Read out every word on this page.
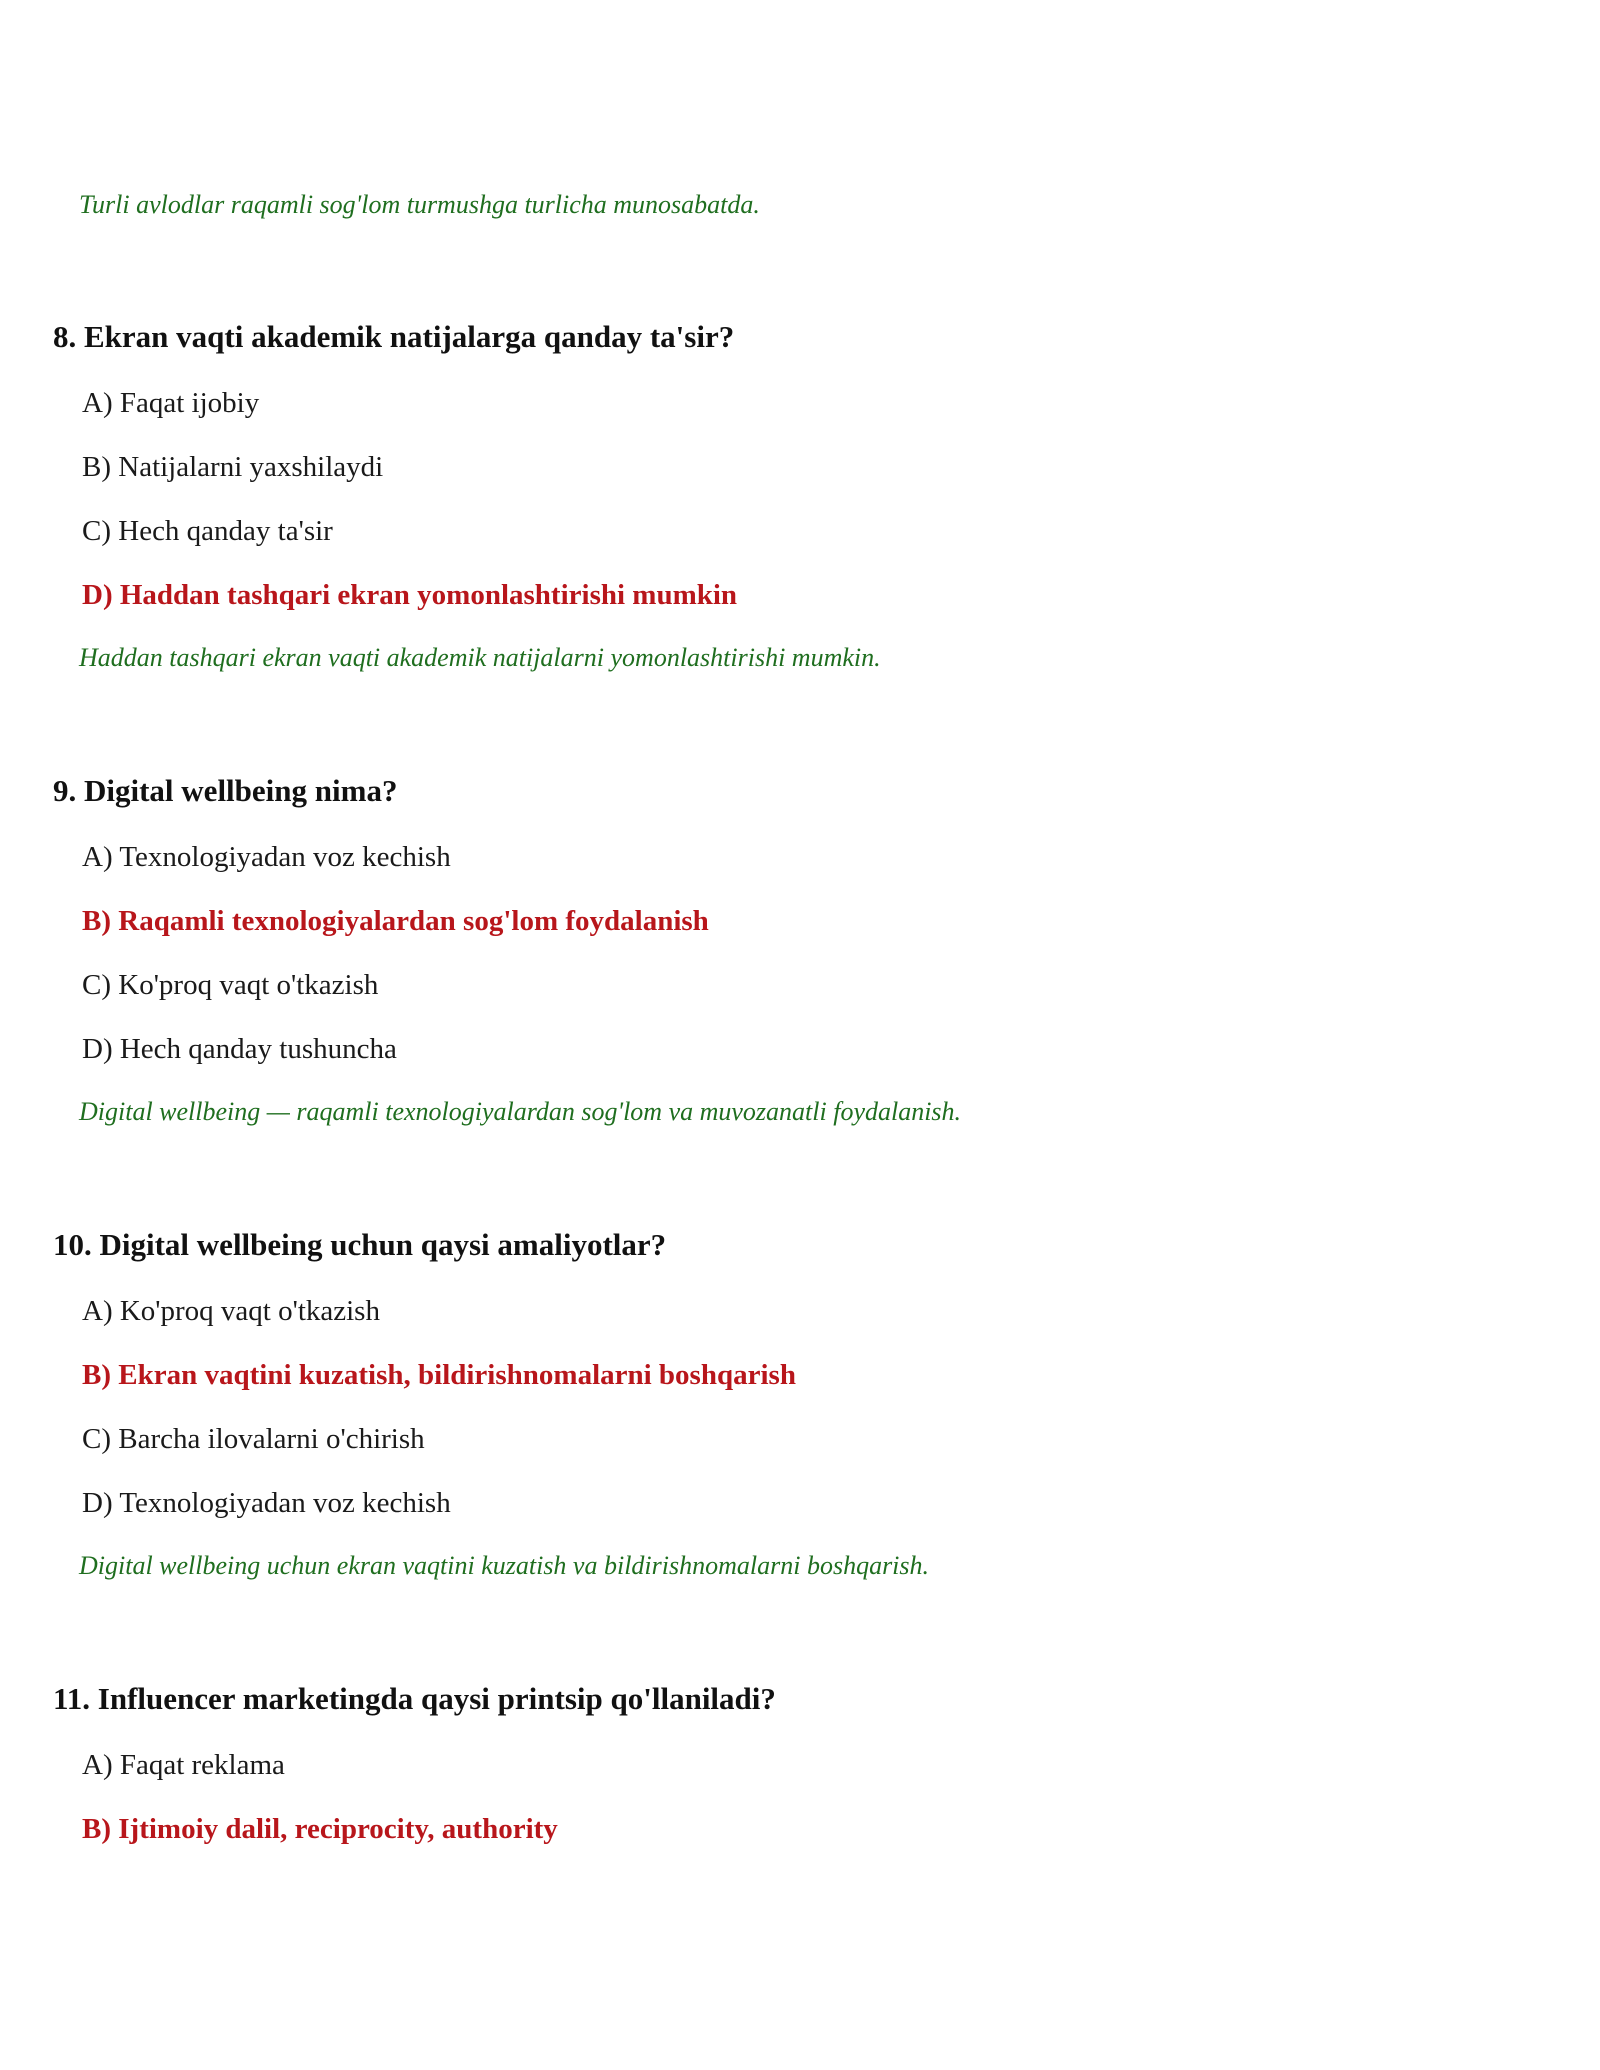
Turli avlodlar raqamli sog'lom turmushga turlicha munosabatda.
8. Ekran vaqti akademik natijalarga qanday ta'sir?
A) Faqat ijobiy
B) Natijalarni yaxshilaydi
C) Hech qanday ta'sir
D) Haddan tashqari ekran yomonlashtirishi mumkin
Haddan tashqari ekran vaqti akademik natijalarni yomonlashtirishi mumkin.
9. Digital wellbeing nima?
A) Texnologiyadan voz kechish
B) Raqamli texnologiyalardan sog'lom foydalanish
C) Ko'proq vaqt o'tkazish
D) Hech qanday tushuncha
Digital wellbeing — raqamli texnologiyalardan sog'lom va muvozanatli foydalanish.
10. Digital wellbeing uchun qaysi amaliyotlar?
A) Ko'proq vaqt o'tkazish
B) Ekran vaqtini kuzatish, bildirishnomalarni boshqarish
C) Barcha ilovalarni o'chirish
D) Texnologiyadan voz kechish
Digital wellbeing uchun ekran vaqtini kuzatish va bildirishnomalarni boshqarish.
11. Influencer marketingda qaysi printsip qo'llaniladi?
A) Faqat reklama
B) Ijtimoiy dalil, reciprocity, authority
